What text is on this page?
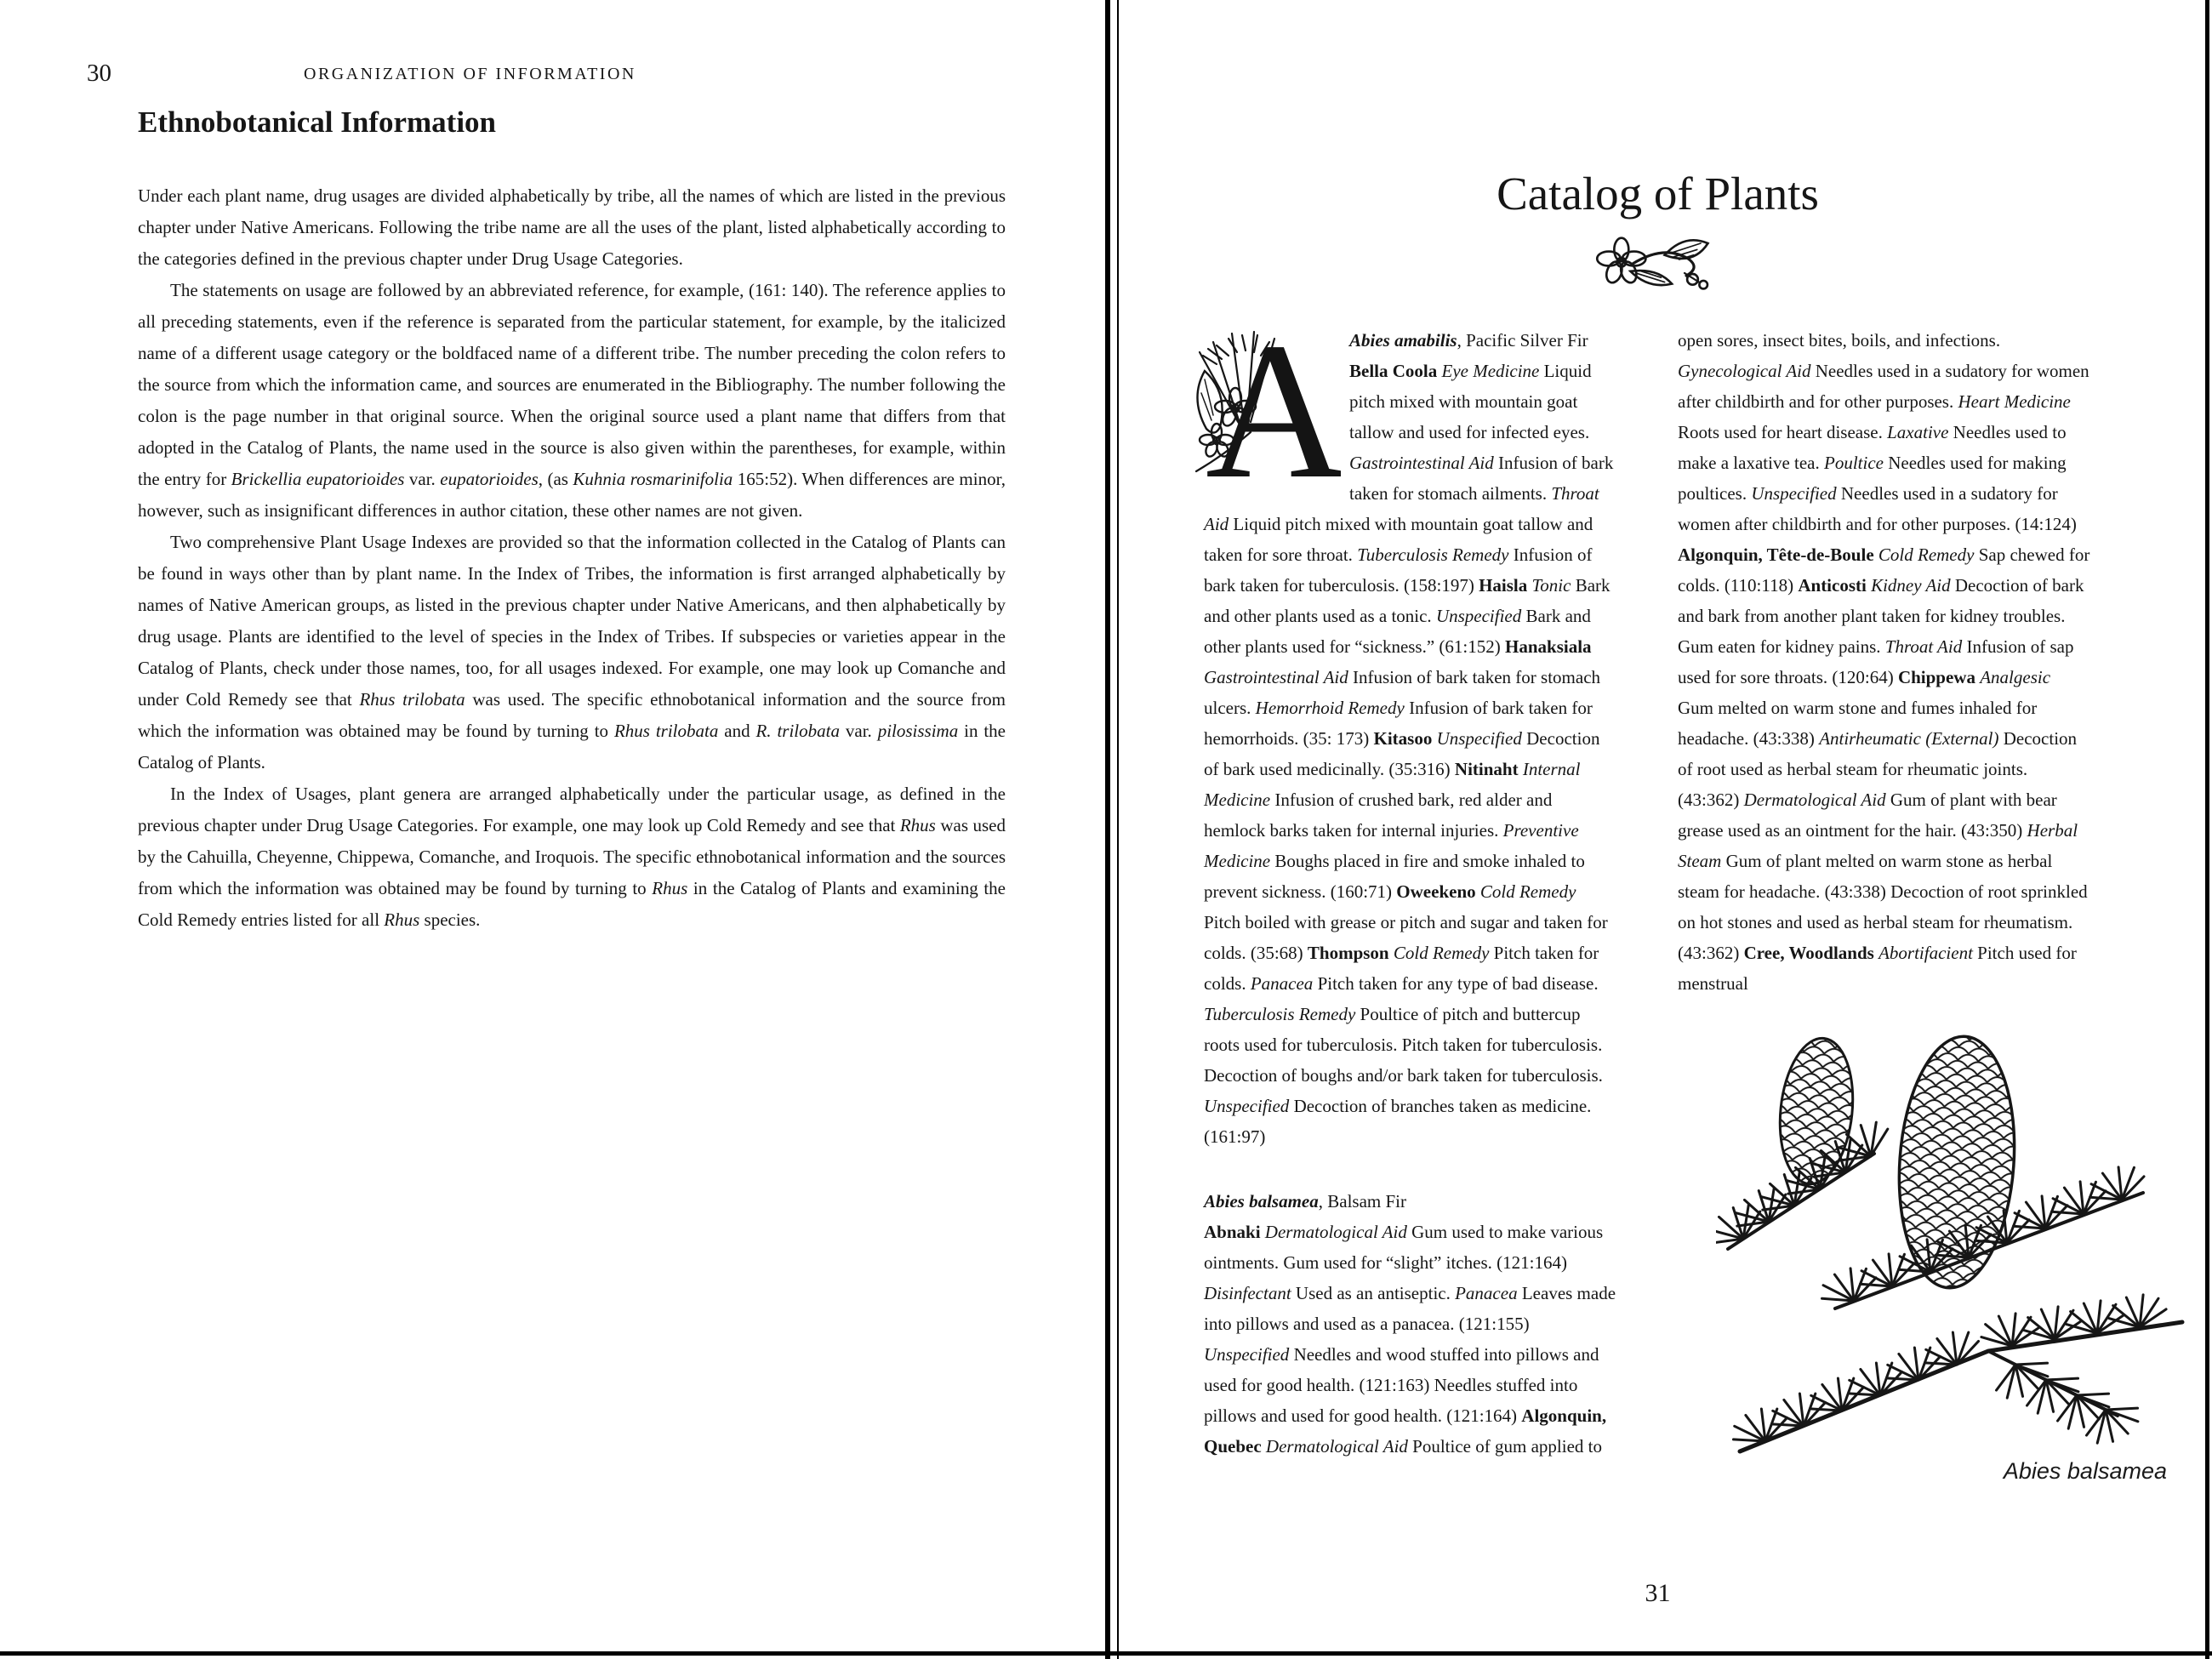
30	ORGANIZATION OF INFORMATION
Ethnobotanical Information

Under each plant name, drug usages are divided alphabetically by tribe, all the names of which are listed in the previous chapter under Native Americans. Following the tribe name are all the uses of the plant, listed alphabetically according to the categories defined in the previous chapter under Drug Usage Categories.

The statements on usage are followed by an abbreviated reference, for example, (161: 140). The reference applies to all preceding statements, even if the reference is separated from the particular statement, for example, by the italicized name of a different usage category or the boldfaced name of a different tribe. The number preceding the colon refers to the source from which the information came, and sources are enumerated in the Bibliography. The number following the colon is the page number in that original source. When the original source used a plant name that differs from that adopted in the Catalog of Plants, the name used in the source is also given within the parentheses, for example, within the entry for Brickellia eupatorioides var. eupatorioides, (as Kuhnia rosmarinifolia 165:52). When differences are minor, however, such as insignificant differences in author citation, these other names are not given.

Two comprehensive Plant Usage Indexes are provided so that the information collected in the Catalog of Plants can be found in ways other than by plant name. In the Index of Tribes, the information is first arranged alphabetically by names of Native American groups, as listed in the previous chapter under Native Americans, and then alphabetically by drug usage. Plants are identified to the level of species in the Index of Tribes. If subspecies or varieties appear in the Catalog of Plants, check under those names, too, for all usages indexed. For example, one may look up Comanche and under Cold Remedy see that Rhus trilobata was used. The specific ethnobotanical information and the source from which the information was obtained may be found by turning to Rhus trilobata and R. trilobata var. pilosissima in the Catalog of Plants.

In the Index of Usages, plant genera are arranged alphabetically under the particular usage, as defined in the previous chapter under Drug Usage Categories. For example, one may look up Cold Remedy and see that Rhus was used by the Cahuilla, Cheyenne, Chippewa, Comanche, and Iroquois. The specific ethnobotanical information and the sources from which the information was obtained may be found by turning to Rhus in the Catalog of Plants and examining the Cold Remedy entries listed for all Rhus species.

Catalog of Plants
A Abies amabilis, Pacific Silver Fir

Bella Coola Eye Medicine Liquid pitch mixed with mountain goat tallow and used for infected eyes. Gastrointestinal Aid Infusion of bark taken for stomach ailments. Throat Aid Liquid pitch mixed with mountain goat tallow and taken for sore throat. Tuberculosis Remedy Infusion of bark taken for tuberculosis. (158:197) Haisla Tonic Bark and other plants used as a tonic. Unspecified Bark and other plants used for “sickness.” (61:152) Hanaksiala Gastrointestinal Aid Infusion of bark taken for stomach ulcers. Hemorrhoid Remedy Infusion of bark taken for hemorrhoids. (35: 173) Kitasoo Unspecified Decoction of bark used medicinally. (35:316) Nitinaht Internal Medicine Infusion of crushed bark, red alder and hemlock barks taken for internal injuries. Preventive Medicine Boughs placed in fire and smoke inhaled to prevent sickness. (160:71) Oweekeno Cold Remedy Pitch boiled with grease or pitch and sugar and taken for colds. (35:68) Thompson Cold Remedy Pitch taken for colds. Panacea Pitch taken for any type of bad disease. Tuberculosis Remedy Poultice of pitch and buttercup roots used for tuberculosis. Pitch taken for tuberculosis. Decoction of boughs and/or bark taken for tuberculosis. Unspecified Decoction of branches taken as medicine. (161:97)

Abies balsamea, Balsam Fir

Abnaki Dermatological Aid Gum used to make various ointments. Gum used for “slight” itches. (121:164) Disinfectant Used as an antiseptic. Panacea Leaves made into pillows and used as a panacea. (121:155) Unspecified Needles and wood stuffed into pillows and used for good health. (121:163) Needles stuffed into pillows and used for good health. (121:164) Algonquin, Quebec Dermatological Aid Poultice of gum applied to

open sores, insect bites, boils, and infections. Gynecological Aid Needles used in a sudatory for women after childbirth and for other purposes. Heart Medicine Roots used for heart disease. Laxative Needles used to make a laxative tea. Poultice Needles used for making poultices. Unspecified Needles used in a sudatory for women after childbirth and for other purposes. (14:124) Algonquin, Tête-de-Boule Cold Remedy Sap chewed for colds. (110:118) Anticosti Kidney Aid Decoction of bark and bark from another plant taken for kidney troubles. Gum eaten for kidney pains. Throat Aid Infusion of sap used for sore throats. (120:64) Chippewa Analgesic Gum melted on warm stone and fumes inhaled for headache. (43:338) Antirheumatic (External) Decoction of root used as herbal steam for rheumatic joints. (43:362) Dermatological Aid Gum of plant with bear grease used as an ointment for the hair. (43:350) Herbal Steam Gum of plant melted on warm stone as herbal steam for headache. (43:338) Decoction of root sprinkled on hot stones and used as herbal steam for rheumatism. (43:362) Cree, Woodlands Abortifacient Pitch used for menstrual

Abies balsamea
31
